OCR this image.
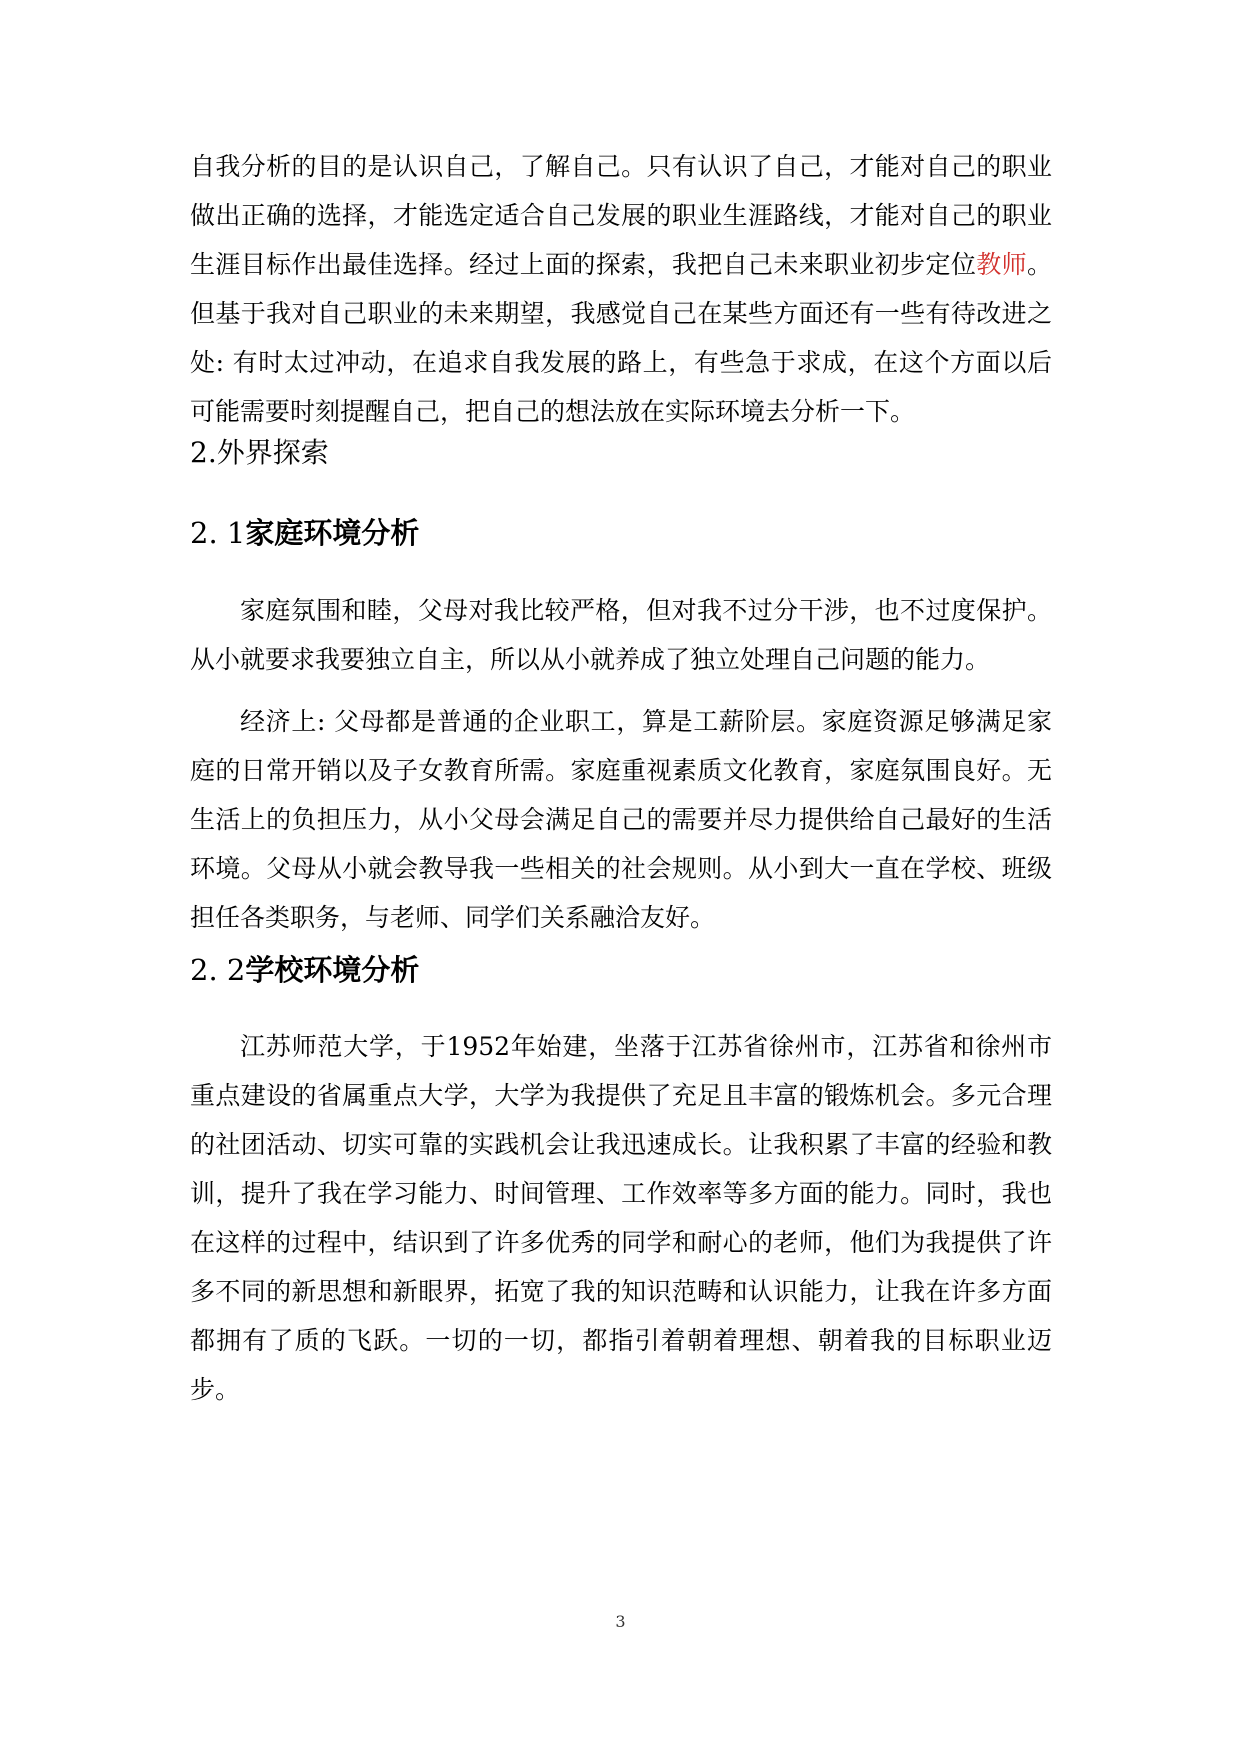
自我分析的目的是认识自己，了解自己。只有认识了自己，才能对自己的职业做出正确的选择，才能选定适合自己发展的职业生涯路线，才能对自己的职业生涯目标作出最佳选择。经过上面的探索，我把自己未来职业初步定位教师。 但基于我对自己职业的未来期望，我感觉自己在某些方面还有一些有待改进之处: 有时太过冲动，在追求自我发展的路上，有些急于求成，在这个方面以后可能需要时刻提醒自己，把自己的想法放在实际环境去分析一下。

2.外界探索
2. 1家庭环境分析

家庭氛围和睦，父母对我比较严格，但对我不过分干涉，也不过度保护。从小就要求我要独立自主，所以从小就养成了独立处理自己问题的能力。

经济上: 父母都是普通的企业职工，算是工薪阶层。家庭资源足够满足家庭的日常开销以及子女教育所需。家庭重视素质文化教育，家庭氛围良好。无生活上的负担压力，从小父母会满足自己的需要并尽力提供给自己最好的生活环境。父母从小就会教导我一些相关的社会规则。从小到大一直在学校、班级担任各类职务，与老师、同学们关系融洽友好。

2. 2学校环境分析

江苏师范大学，于1952年始建，坐落于江苏省徐州市，江苏省和徐州市重点建设的省属重点大学，大学为我提供了充足且丰富的锻炼机会。多元合理的社团活动、切实可靠的实践机会让我迅速成长。让我积累了丰富的经验和教训，提升了我在学习能力、时间管理、工作效率等多方面的能力。同时，我也在这样的过程中，结识到了许多优秀的同学和耐心的老师，他们为我提供了许多不同的新思想和新眼界，拓宽了我的知识范畴和认识能力，让我在许多方面都拥有了质的飞跃。一切的一切，都指引着朝着理想、朝着我的目标职业迈步。

3
